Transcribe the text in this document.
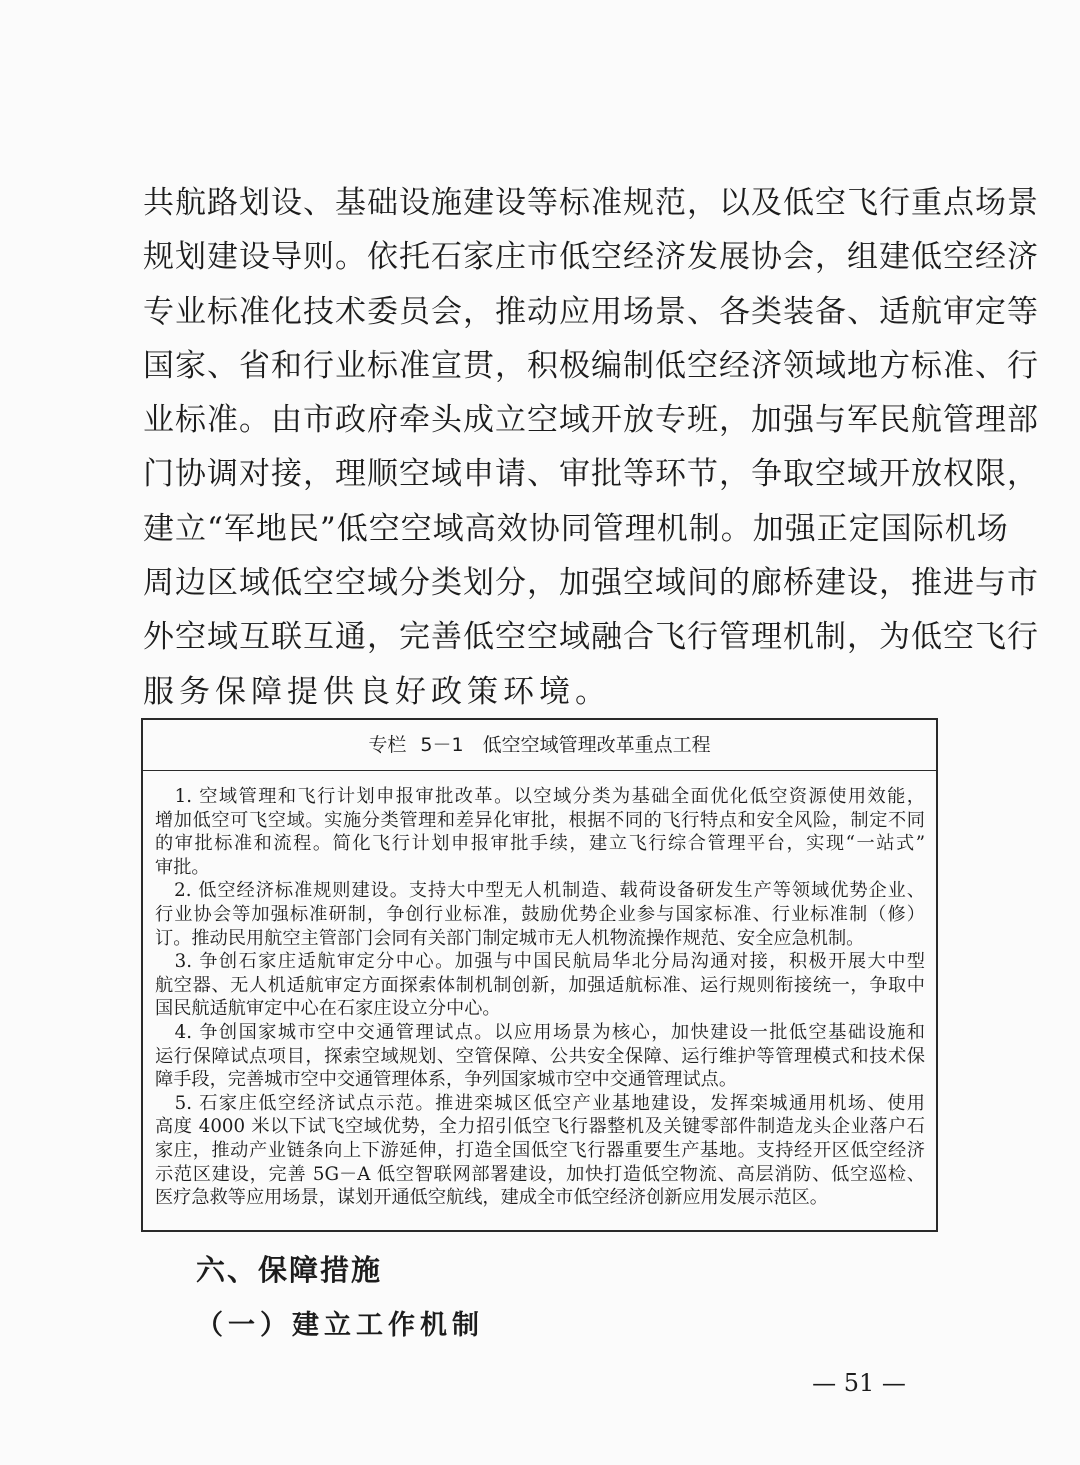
共航路划设、基础设施建设等标准规范，以及低空飞行重点场景
规划建设导则。依托石家庄市低空经济发展协会，组建低空经济
专业标准化技术委员会，推动应用场景、各类装备、适航审定等
国家、省和行业标准宣贯，积极编制低空经济领域地方标准、行
业标准。由市政府牵头成立空域开放专班，加强与军民航管理部
门协调对接，理顺空域申请、审批等环节，争取空域开放权限，
建立“军地民”低空空域高效协同管理机制。加强正定国际机场
周边区域低空空域分类划分，加强空域间的廊桥建设，推进与市
外空域互联互通，完善低空空域融合飞行管理机制，为低空飞行
服务保障提供良好政策环境。
专栏 5－1　低空空域管理改革重点工程
　1. 空域管理和飞行计划申报审批改革。以空域分类为基础全面优化低空资源使用效能，
增加低空可飞空域。实施分类管理和差异化审批，根据不同的飞行特点和安全风险，制定不同
的审批标准和流程。简化飞行计划申报审批手续，建立飞行综合管理平台，实现“一站式”
审批。
　2. 低空经济标准规则建设。支持大中型无人机制造、载荷设备研发生产等领域优势企业、
行业协会等加强标准研制，争创行业标准，鼓励优势企业参与国家标准、行业标准制（修）
订。推动民用航空主管部门会同有关部门制定城市无人机物流操作规范、安全应急机制。
　3. 争创石家庄适航审定分中心。加强与中国民航局华北分局沟通对接，积极开展大中型
航空器、无人机适航审定方面探索体制机制创新，加强适航标准、运行规则衔接统一，争取中
国民航适航审定中心在石家庄设立分中心。
　4. 争创国家城市空中交通管理试点。以应用场景为核心，加快建设一批低空基础设施和
运行保障试点项目，探索空域规划、空管保障、公共安全保障、运行维护等管理模式和技术保
障手段，完善城市空中交通管理体系，争列国家城市空中交通管理试点。
　5. 石家庄低空经济试点示范。推进栾城区低空产业基地建设，发挥栾城通用机场、使用
高度 4000 米以下试飞空域优势，全力招引低空飞行器整机及关键零部件制造龙头企业落户石
家庄，推动产业链条向上下游延伸，打造全国低空飞行器重要生产基地。支持经开区低空经济
示范区建设，完善 5G－A 低空智联网部署建设，加快打造低空物流、高层消防、低空巡检、
医疗急救等应用场景，谋划开通低空航线，建成全市低空经济创新应用发展示范区。
六、保障措施
（一）建立工作机制
— 51 —
